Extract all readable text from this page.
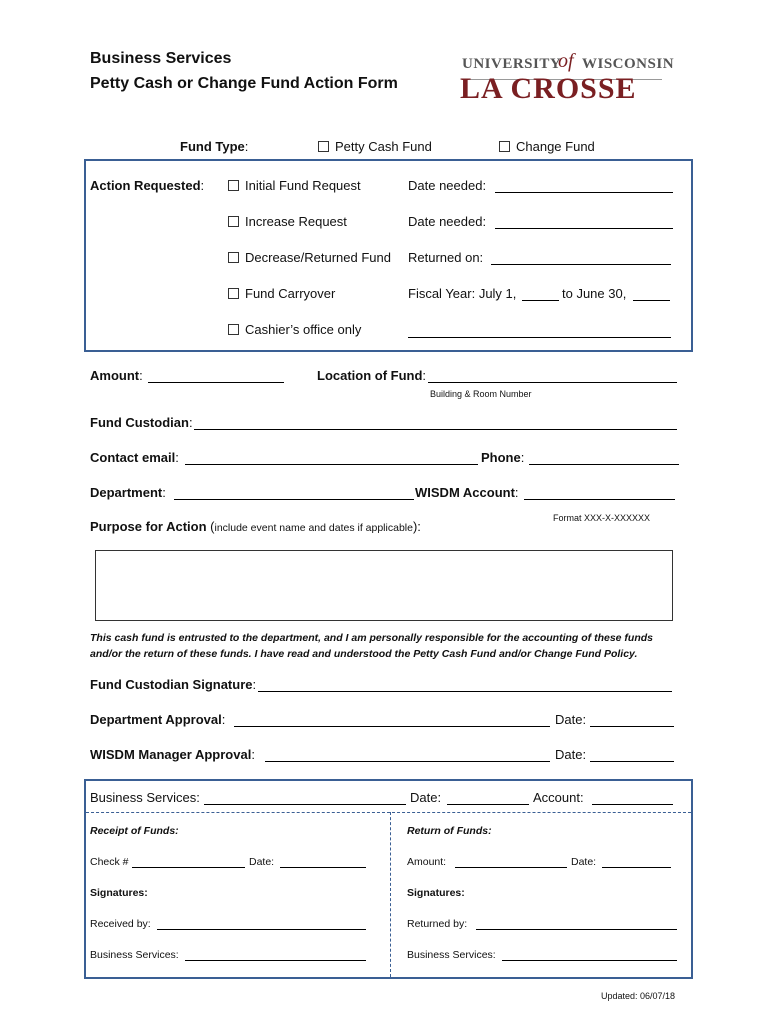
Business Services
Petty Cash or Change Fund Action Form
UNIVERSITY
of WISCONSIN
LA CROSSE
Fund Type:	Petty Cash Fund	Change Fund
Action Requested:	Initial Fund Request	Date needed:
Increase Request	Date needed:
Decrease/Returned Fund Returned on:
Fund Carryover	Fiscal Year: July 1,	to June 30,
Cashier’s office only
Amount:	Location of Fund:
Building & Room Number
Fund Custodian:
Contact email:	Phone:
Department:	WISDM Account:
Format XXX-X-XXXXXX
Purpose for Action (include event name and dates if applicable):
This cash fund is entrusted to the department, and I am personally responsible for the accounting of these funds
and/or the return of these funds. I have read and understood the Petty Cash Fund and/or Change Fund Policy.
Fund Custodian Signature:
Department Approval:	Date:
WISDM Manager Approval:	Date:
Business Services:	Date:	Account:
Receipt of Funds:
Check #	Date:
Signatures:
Received by:
Business Services:
Return of Funds:
Amount:	Date:
Signatures:
Returned by:
Business Services:
Updated: 06/07/18
